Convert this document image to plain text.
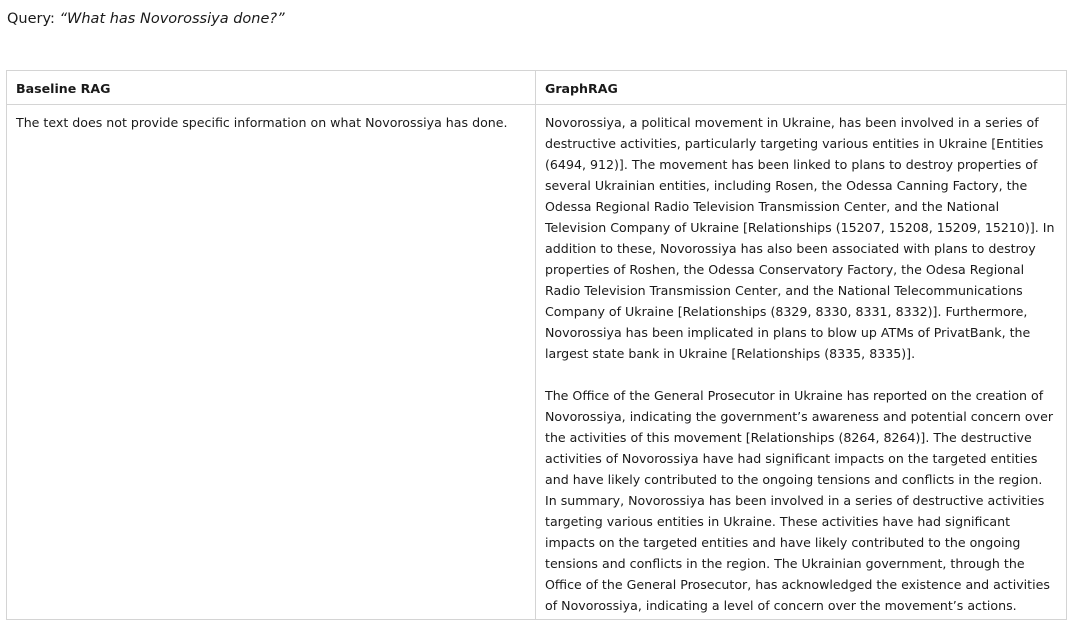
Query: “What has Novorossiya done?”
Baseline RAG	GraphRAG

The text does not provide specific information on what Novorossiya has done.	Novorossiya, a political movement in Ukraine, has been involved in a series of destructive activities, particularly targeting various entities in Ukraine [Entities (6494, 912)]. The movement has been linked to plans to destroy properties of several Ukrainian entities, including Rosen, the Odessa Canning Factory, the Odessa Regional Radio Television Transmission Center, and the National Television Company of Ukraine [Relationships (15207, 15208, 15209, 15210)]. In addition to these, Novorossiya has also been associated with plans to destroy properties of Roshen, the Odessa Conservatory Factory, the Odesa Regional Radio Television Transmission Center, and the National Telecommunications Company of Ukraine [Relationships (8329, 8330, 8331, 8332)]. Furthermore, Novorossiya has been implicated in plans to blow up ATMs of PrivatBank, the largest state bank in Ukraine [Relationships (8335, 8335)].

The Office of the General Prosecutor in Ukraine has reported on the creation of Novorossiya, indicating the government’s awareness and potential concern over the activities of this movement [Relationships (8264, 8264)]. The destructive activities of Novorossiya have had significant impacts on the targeted entities and have likely contributed to the ongoing tensions and conflicts in the region.

In summary, Novorossiya has been involved in a series of destructive activities targeting various entities in Ukraine. These activities have had significant impacts on the targeted entities and have likely contributed to the ongoing tensions and conflicts in the region. The Ukrainian government, through the Office of the General Prosecutor, has acknowledged the existence and activities of Novorossiya, indicating a level of concern over the movement’s actions.
